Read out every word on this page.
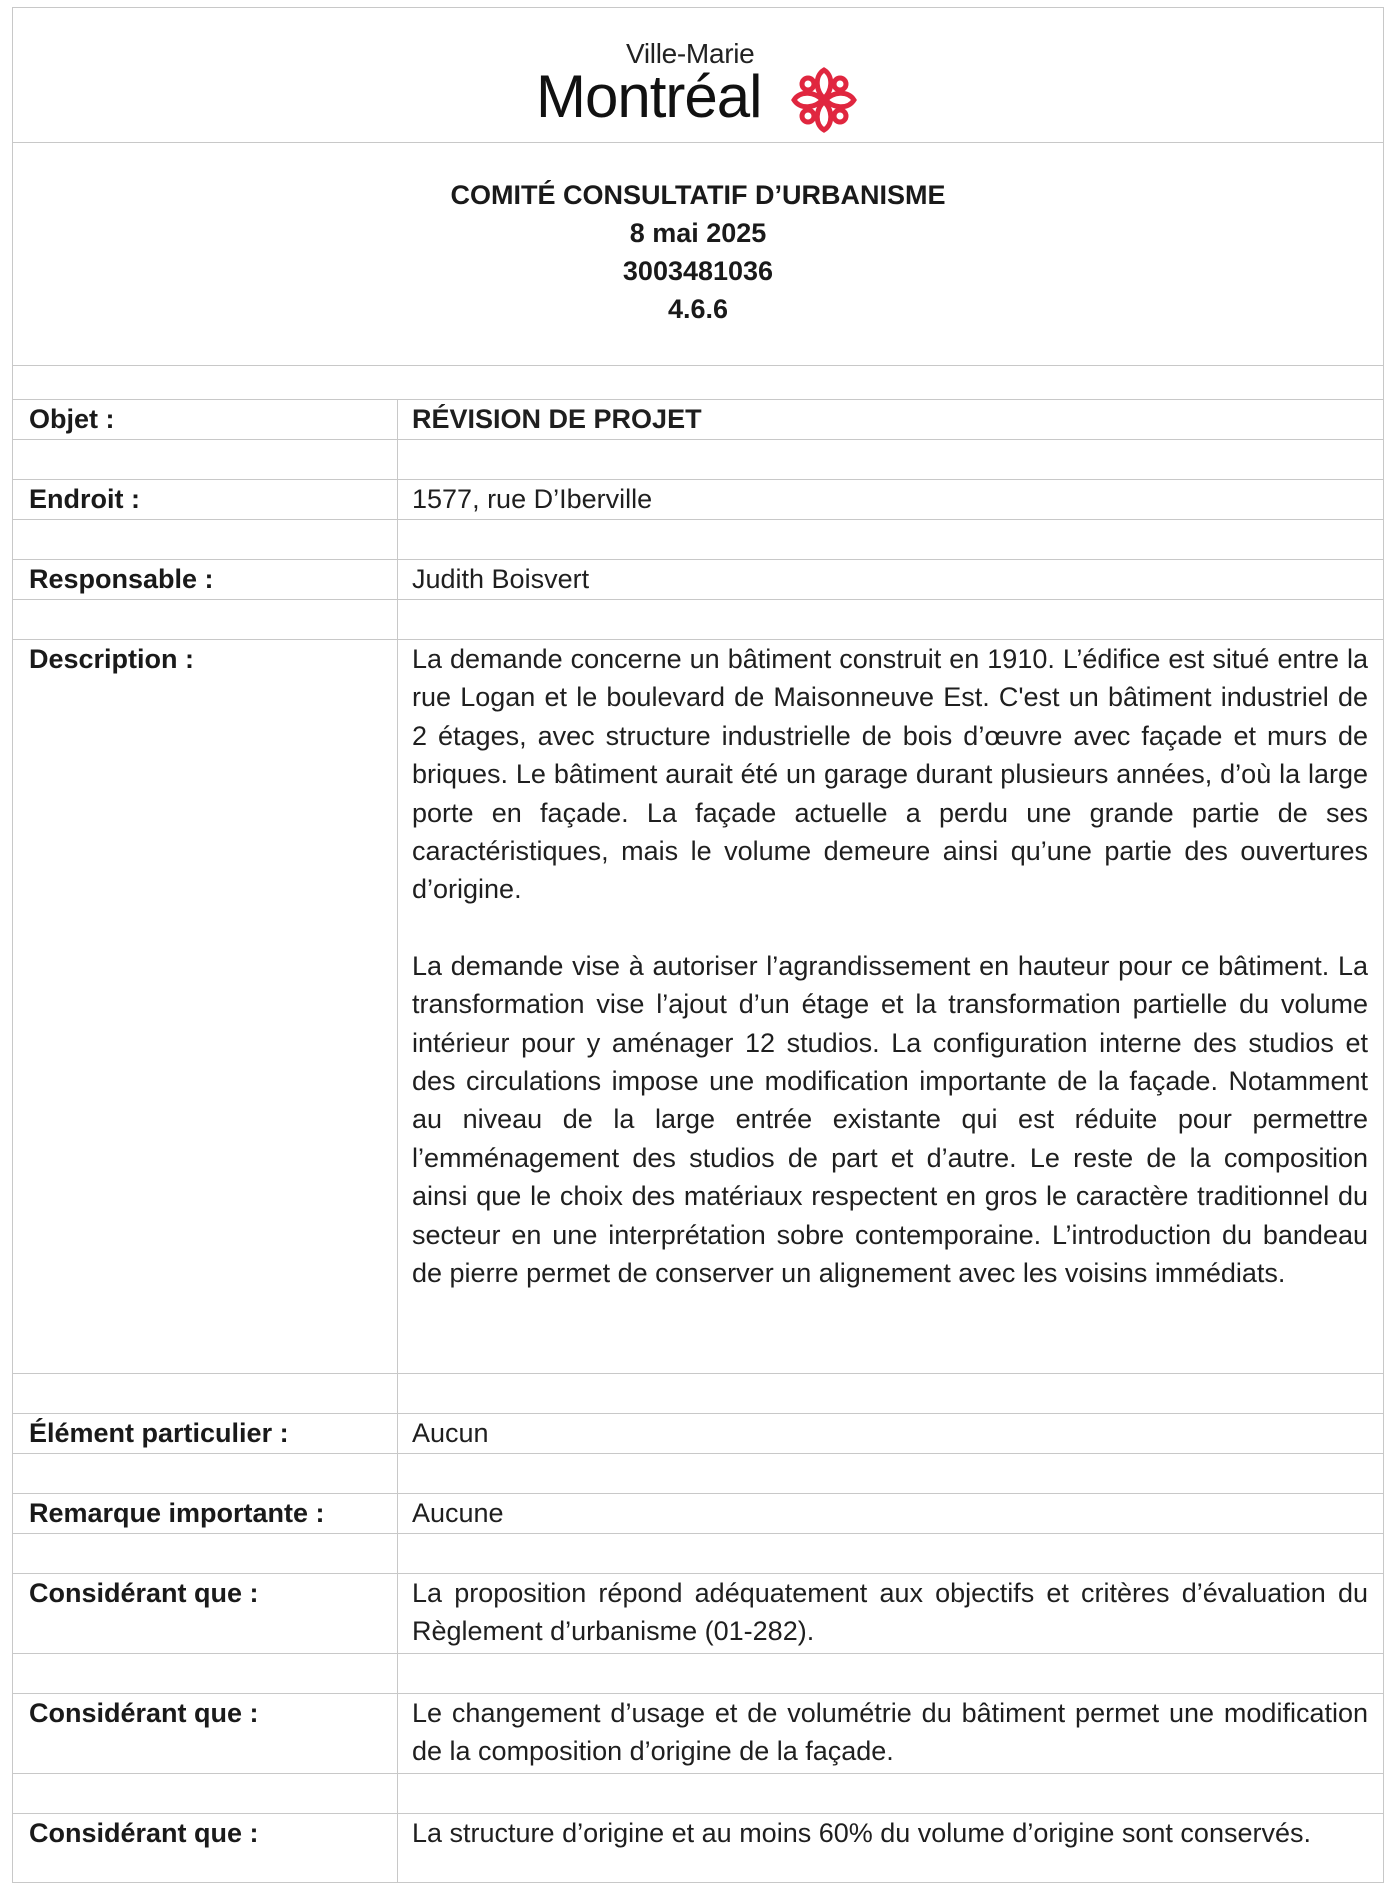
Ville-Marie
Montréal
COMITÉ CONSULTATIF D’URBANISME
8 mai 2025
3003481036
4.6.6
Objet :	RÉVISION DE PROJET
Endroit :	1577, rue D’Iberville
Responsable :	Judith Boisvert
Description :	La demande concerne un bâtiment construit en 1910. L’édifice est situé entre la rue Logan et le boulevard de Maisonneuve Est. C'est un bâtiment industriel de 2 étages, avec structure industrielle de bois d’œuvre avec façade et murs de briques. Le bâtiment aurait été un garage durant plusieurs années, d’où la large porte en façade. La façade actuelle a perdu une grande partie de ses caractéristiques, mais le volume demeure ainsi qu’une partie des ouvertures d’origine.

La demande vise à autoriser l’agrandissement en hauteur pour ce bâtiment. La transformation vise l’ajout d’un étage et la transformation partielle du volume intérieur pour y aménager 12 studios. La configuration interne des studios et des circulations impose une modification importante de la façade. Notamment au niveau de la large entrée existante qui est réduite pour permettre l’emménagement des studios de part et d’autre. Le reste de la composition ainsi que le choix des matériaux respectent en gros le caractère traditionnel du secteur en une interprétation sobre contemporaine. L’introduction du bandeau de pierre permet de conserver un alignement avec les voisins immédiats.

Élément particulier :	Aucun
Remarque importante :	Aucune
Considérant que :	La proposition répond adéquatement aux objectifs et critères d’évaluation du Règlement d’urbanisme (01-282).
Considérant que :	Le changement d’usage et de volumétrie du bâtiment permet une modification de la composition d’origine de la façade.
Considérant que :	La structure d’origine et au moins 60% du volume d’origine sont conservés.
